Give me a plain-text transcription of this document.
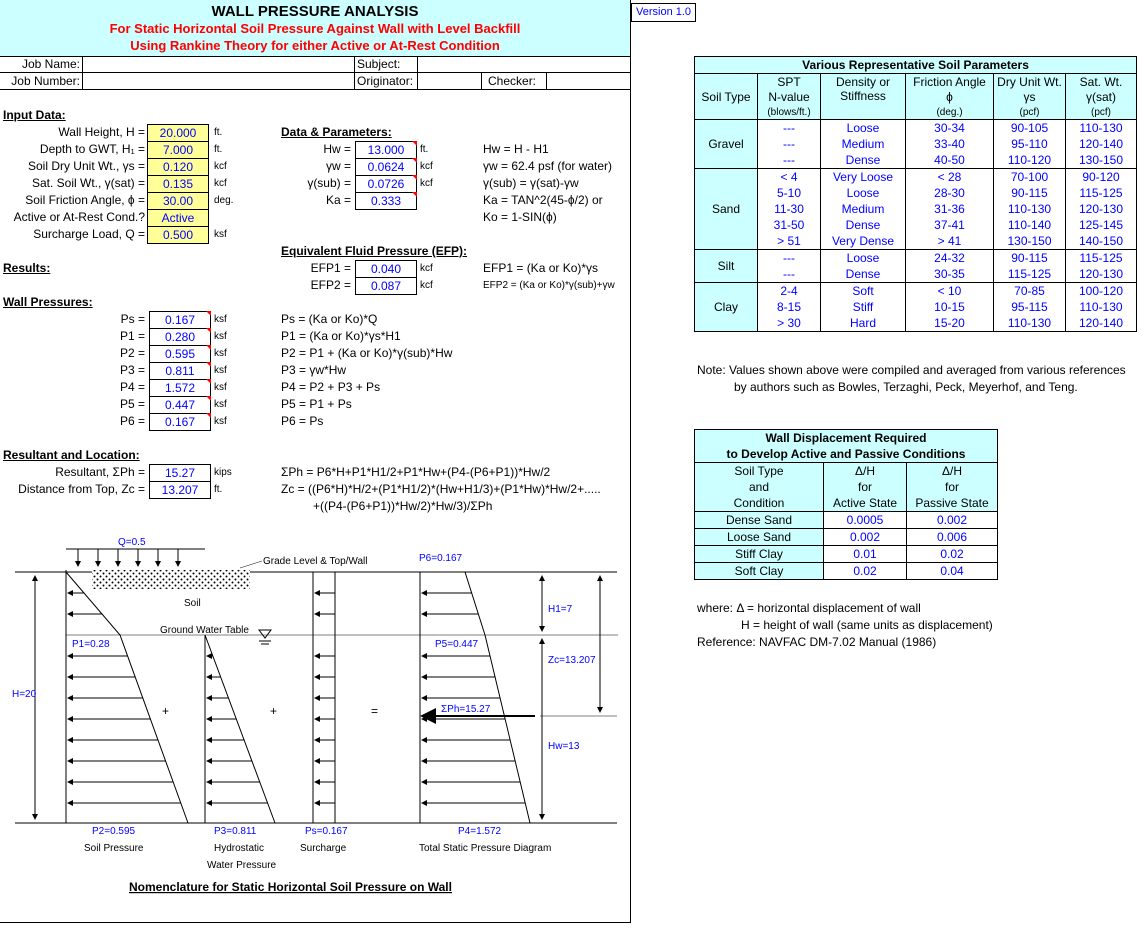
WALL PRESSURE ANALYSIS
For Static Horizontal Soil Pressure Against Wall with Level Backfill
Using Rankine Theory for either Active or At-Rest Condition
Job Name:
Job Number:
Subject:
Originator:	Checker:
Input Data:
Wall Height, H =	20.000	ft.
Depth to GWT, H₁ =	7.000	ft.
Soil Dry Unit Wt., γs =	0.120	kcf
Sat. Soil Wt., γ(sat) =	0.135	kcf
Soil Friction Angle, ϕ =	30.00	deg.
Active or At-Rest Cond.?	Active
Surcharge Load, Q =	0.500	ksf
Data & Parameters:
Hw =	13.000	ft.	Hw = H - H1
γw =	0.0624	kcf	γw = 62.4 psf (for water)
γ(sub) =	0.0726	kcf	γ(sub) = γ(sat)-γw
Ka =	0.333	Ka = TAN^2(45-ϕ/2) or
Ko = 1-SIN(ϕ)
Equivalent Fluid Pressure (EFP):
EFP1 =	0.040	kcf	EFP1 = (Ka or Ko)*γs
EFP2 =	0.087	kcf	EFP2 = (Ka or Ko)*γ(sub)+γw
Results:
Wall Pressures:
Ps =	0.167	ksf	Ps = (Ka or Ko)*Q
P1 =	0.280	ksf	P1 = (Ka or Ko)*γs*H1
P2 =	0.595	ksf	P2 = P1 + (Ka or Ko)*γ(sub)*Hw
P3 =	0.811	ksf	P3 = γw*Hw
P4 =	1.572	ksf	P4 = P2 + P3 + Ps
P5 =	0.447	ksf	P5 = P1 + Ps
P6 =	0.167	ksf	P6 = Ps
Resultant and Location:
Resultant, ΣPh =	15.27	kips	ΣPh = P6*H+P1*H1/2+P1*Hw+(P4-(P6+P1))*Hw/2
Distance from Top, Zc =	13.207	ft.	Zc = ((P6*H)*H/2+(P1*H1/2)*(Hw+H1/3)+(P1*Hw)*Hw/2+.....
+((P4-(P6+P1))*Hw/2)*Hw/3)/ΣPh
Q=0.5
Grade Level & Top/Wall	P6=0.167
Soil
H1=7
Ground Water Table
P1=0.28	P5=0.447
Zc=13.207
H=20
+	+	=	ΣPh=15.27
Hw=13
P2=0.595	P3=0.811	Ps=0.167	P4=1.572
Soil Pressure	Hydrostatic
Water Pressure
Surcharge	Total Static Pressure Diagram
Nomenclature for Static Horizontal Soil Pressure on Wall
Version 1.0
Various Representative Soil Parameters					
Soil Type	SPT	Density or	Friction Angle	Dry Unit Wt.	Sat. Wt.
	N-value	Stiffness	ϕ	γs	γ(sat)
	(blows/ft.)		(deg.)	(pcf)	(pcf)
Gravel	---	Loose	30-34	90-105	110-130
	---	Medium	33-40	95-110	120-140
	---	Dense	40-50	110-120	130-150
Sand	< 4	Very Loose	< 28	70-100	90-120
	5-10	Loose	28-30	90-115	115-125
	11-30	Medium	31-36	110-130	120-130
	31-50	Dense	37-41	110-140	125-145
	> 51	Very Dense	> 41	130-150	140-150
Silt	---	Loose	24-32	90-115	115-125
	---	Dense	30-35	115-125	120-130
Clay	2-4	Soft	< 10	70-85	100-120
	8-15	Stiff	10-15	95-115	110-130
	> 30	Hard	15-20	110-130	120-140
Note: Values shown above were compiled and averaged from various references
by authors such as Bowles, Terzaghi, Peck, Meyerhof, and Teng.
Wall Displacement Required		
to Develop Active and Passive Conditions		
Soil Type	Δ/H	Δ/H
and	for	for
Condition	Active State	Passive State
Dense Sand	0.0005	0.002
Loose Sand	0.002	0.006
Stiff Clay	0.01	0.02
Soft Clay	0.02	0.04
where: Δ = horizontal displacement of wall
H = height of wall (same units as displacement)
Reference: NAVFAC DM-7.02 Manual (1986)
